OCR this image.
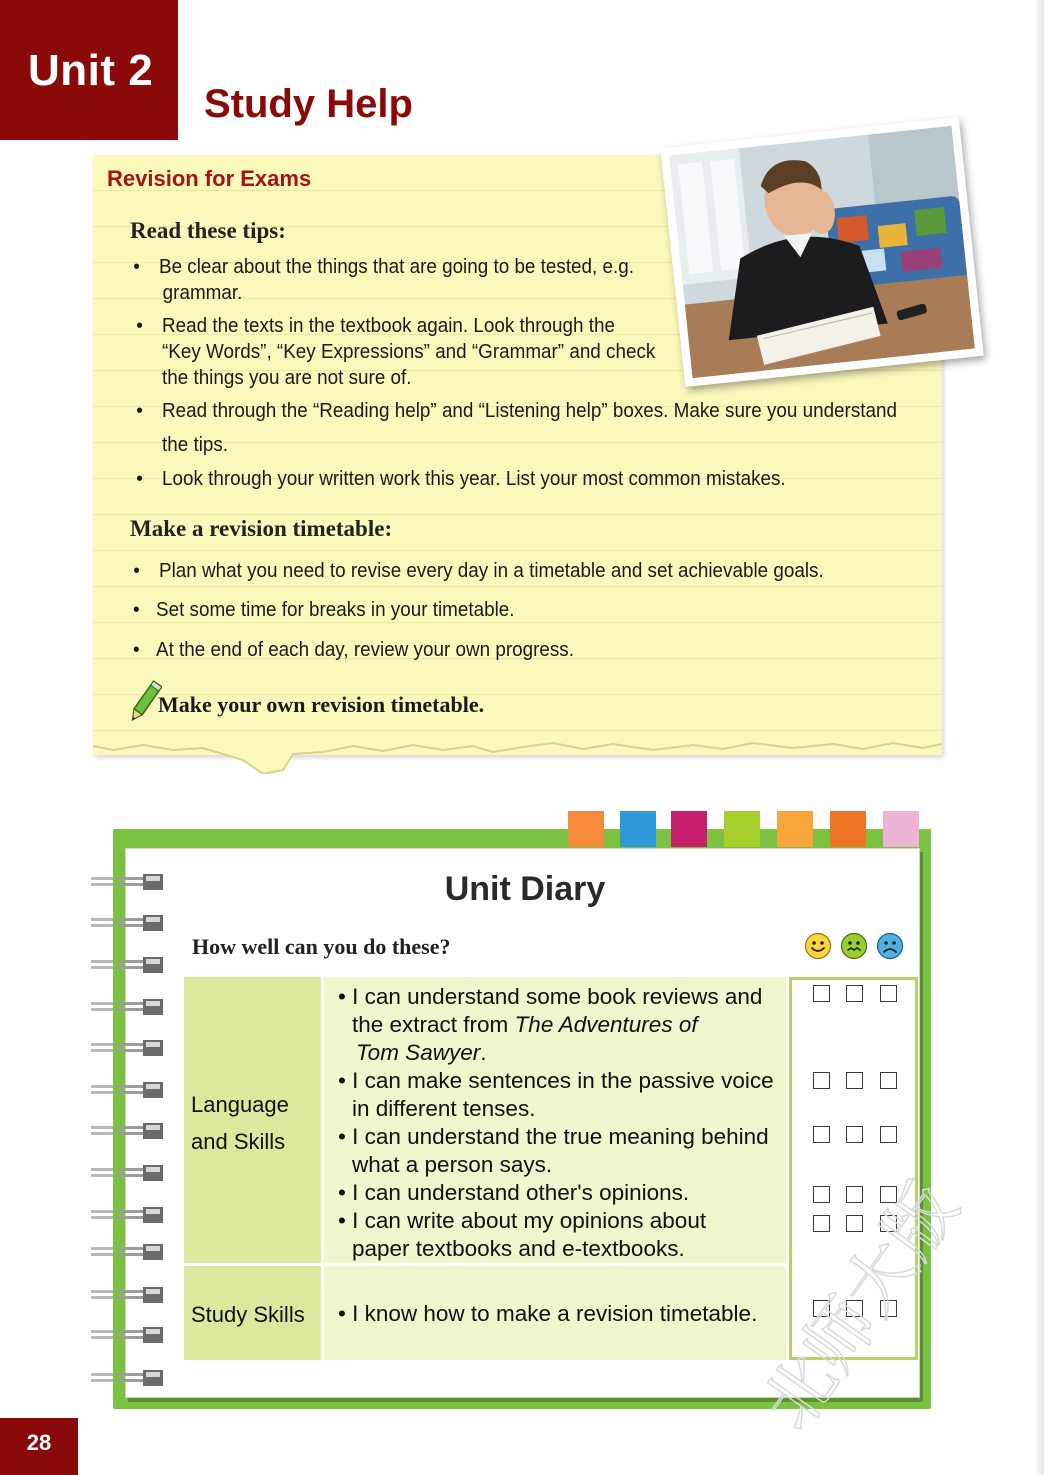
Unit 2
Study Help
Revision for Exams
Read these tips:
• Be clear about the things that are going to be tested, e.g.
grammar.
• Read the texts in the textbook again. Look through the
“Key Words”, “Key Expressions” and “Grammar” and check
the things you are not sure of.
• Read through the “Reading help” and “Listening help” boxes. Make sure you understand
the tips.
• Look through your written work this year. List your most common mistakes.
Make a revision timetable:
• Plan what you need to revise every day in a timetable and set achievable goals.
• Set some time for breaks in your timetable.
• At the end of each day, review your own progress.
Make your own revision timetable.
Unit Diary
How well can you do these?
Language
and Skills
Study Skills
• I can understand some book reviews and
the extract from The Adventures of
Tom Sawyer.
• I can make sentences in the passive voice
in different tenses.
• I can understand the true meaning behind
what a person says.
• I can understand other's opinions.
• I can write about my opinions about
paper textbooks and e-textbooks.
• I know how to make a revision timetable.
28	北师大版
